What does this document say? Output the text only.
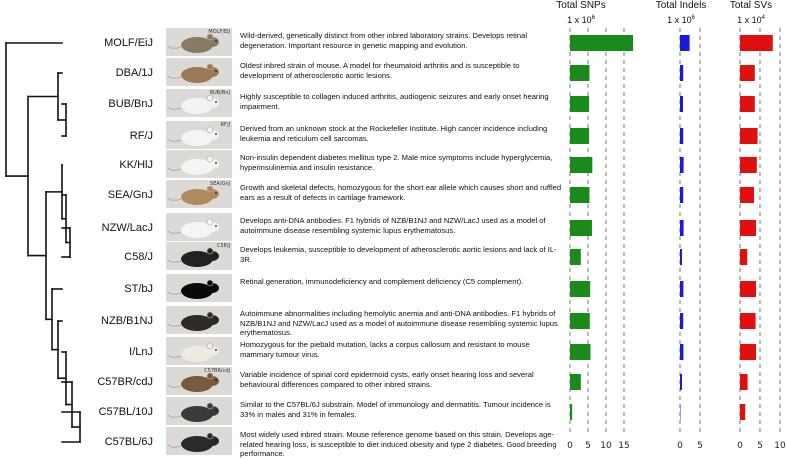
0 5 10 15	0 5	0 5 10
MOLF/EiJ
MOLF/EiJ Wild-derived, genetically distinct from other inbred laboratory strains. Develops retinal degeneration. Important resource in genetic mapping and evolution.
DBA/1J
Oldest inbred strain of mouse. A model for rheumatoid arthritis and is susceptible to development of atherosclerotic aortic lesions.
BUB/BnJ
BUB/BnJ Highly susceptible to collagen induced arthritis, audiogenic seizures and early onset hearing impairment.
RF/J
RF/J Derived from an unknown stock at the Rockefeller Institute. High cancer incidence including leukemia and reticulum cell sarcomas.
KK/HlJ
Non-insulin dependent diabetes mellitus type 2. Male mice symptoms include hyperglycemia, hyperinsulinemia and insulin resistance.
SEA/GnJ
SEA/GnJ Growth and skeletal defects, homozygous for the short ear allele which causes short and ruffled ears as a result of defects in cartilage framework.
NZW/LacJ
Develops anti-DNA antibodies. F1 hybrids of NZB/B1NJ and NZW/LacJ used as a model of autoimmune disease resembling systemic lupus erythematosus.
C58/J
C58/J Develops leukemia, susceptible to development of atherosclerotic aortic lesions and lack of IL-3R.
ST/bJ
Retinal generation, immunodeficiency and complement deficiency (C5 complement).
NZB/B1NJ
Autoimmune abnormalities including hemolytic anemia and anti-DNA antibodies. F1 hybrids of NZB/B1NJ and NZW/LacJ used as a model of autoimmune disease resembling systemic lupus erythematosus.
I/LnJ
Homozygous for the piebald mutation, lacks a corpus callosum and resistant to mouse mammary tumour virus.
C57BR/cdJ
C57BR/cdJ Variable incidence of spinal cord epidermoid cysts, early onset hearing loss and several behavioural differences compared to other inbred strains.
C57BL/10J
Similar to the C57BL/6J substrain. Model of immunology and dermatitis. Tumour incidence is 33% in males and 31% in females.
C57BL/6J
Most widely used inbred strain. Mouse reference genome based on this strain. Develops age-related hearing loss, is susceptible to diet induced obesity and type 2 diabetes. Good breeding performance.
Total SNPs
1 x $10^6$
Total Indels
1 x $10^6$
Total SVs
1 x $10^4$
